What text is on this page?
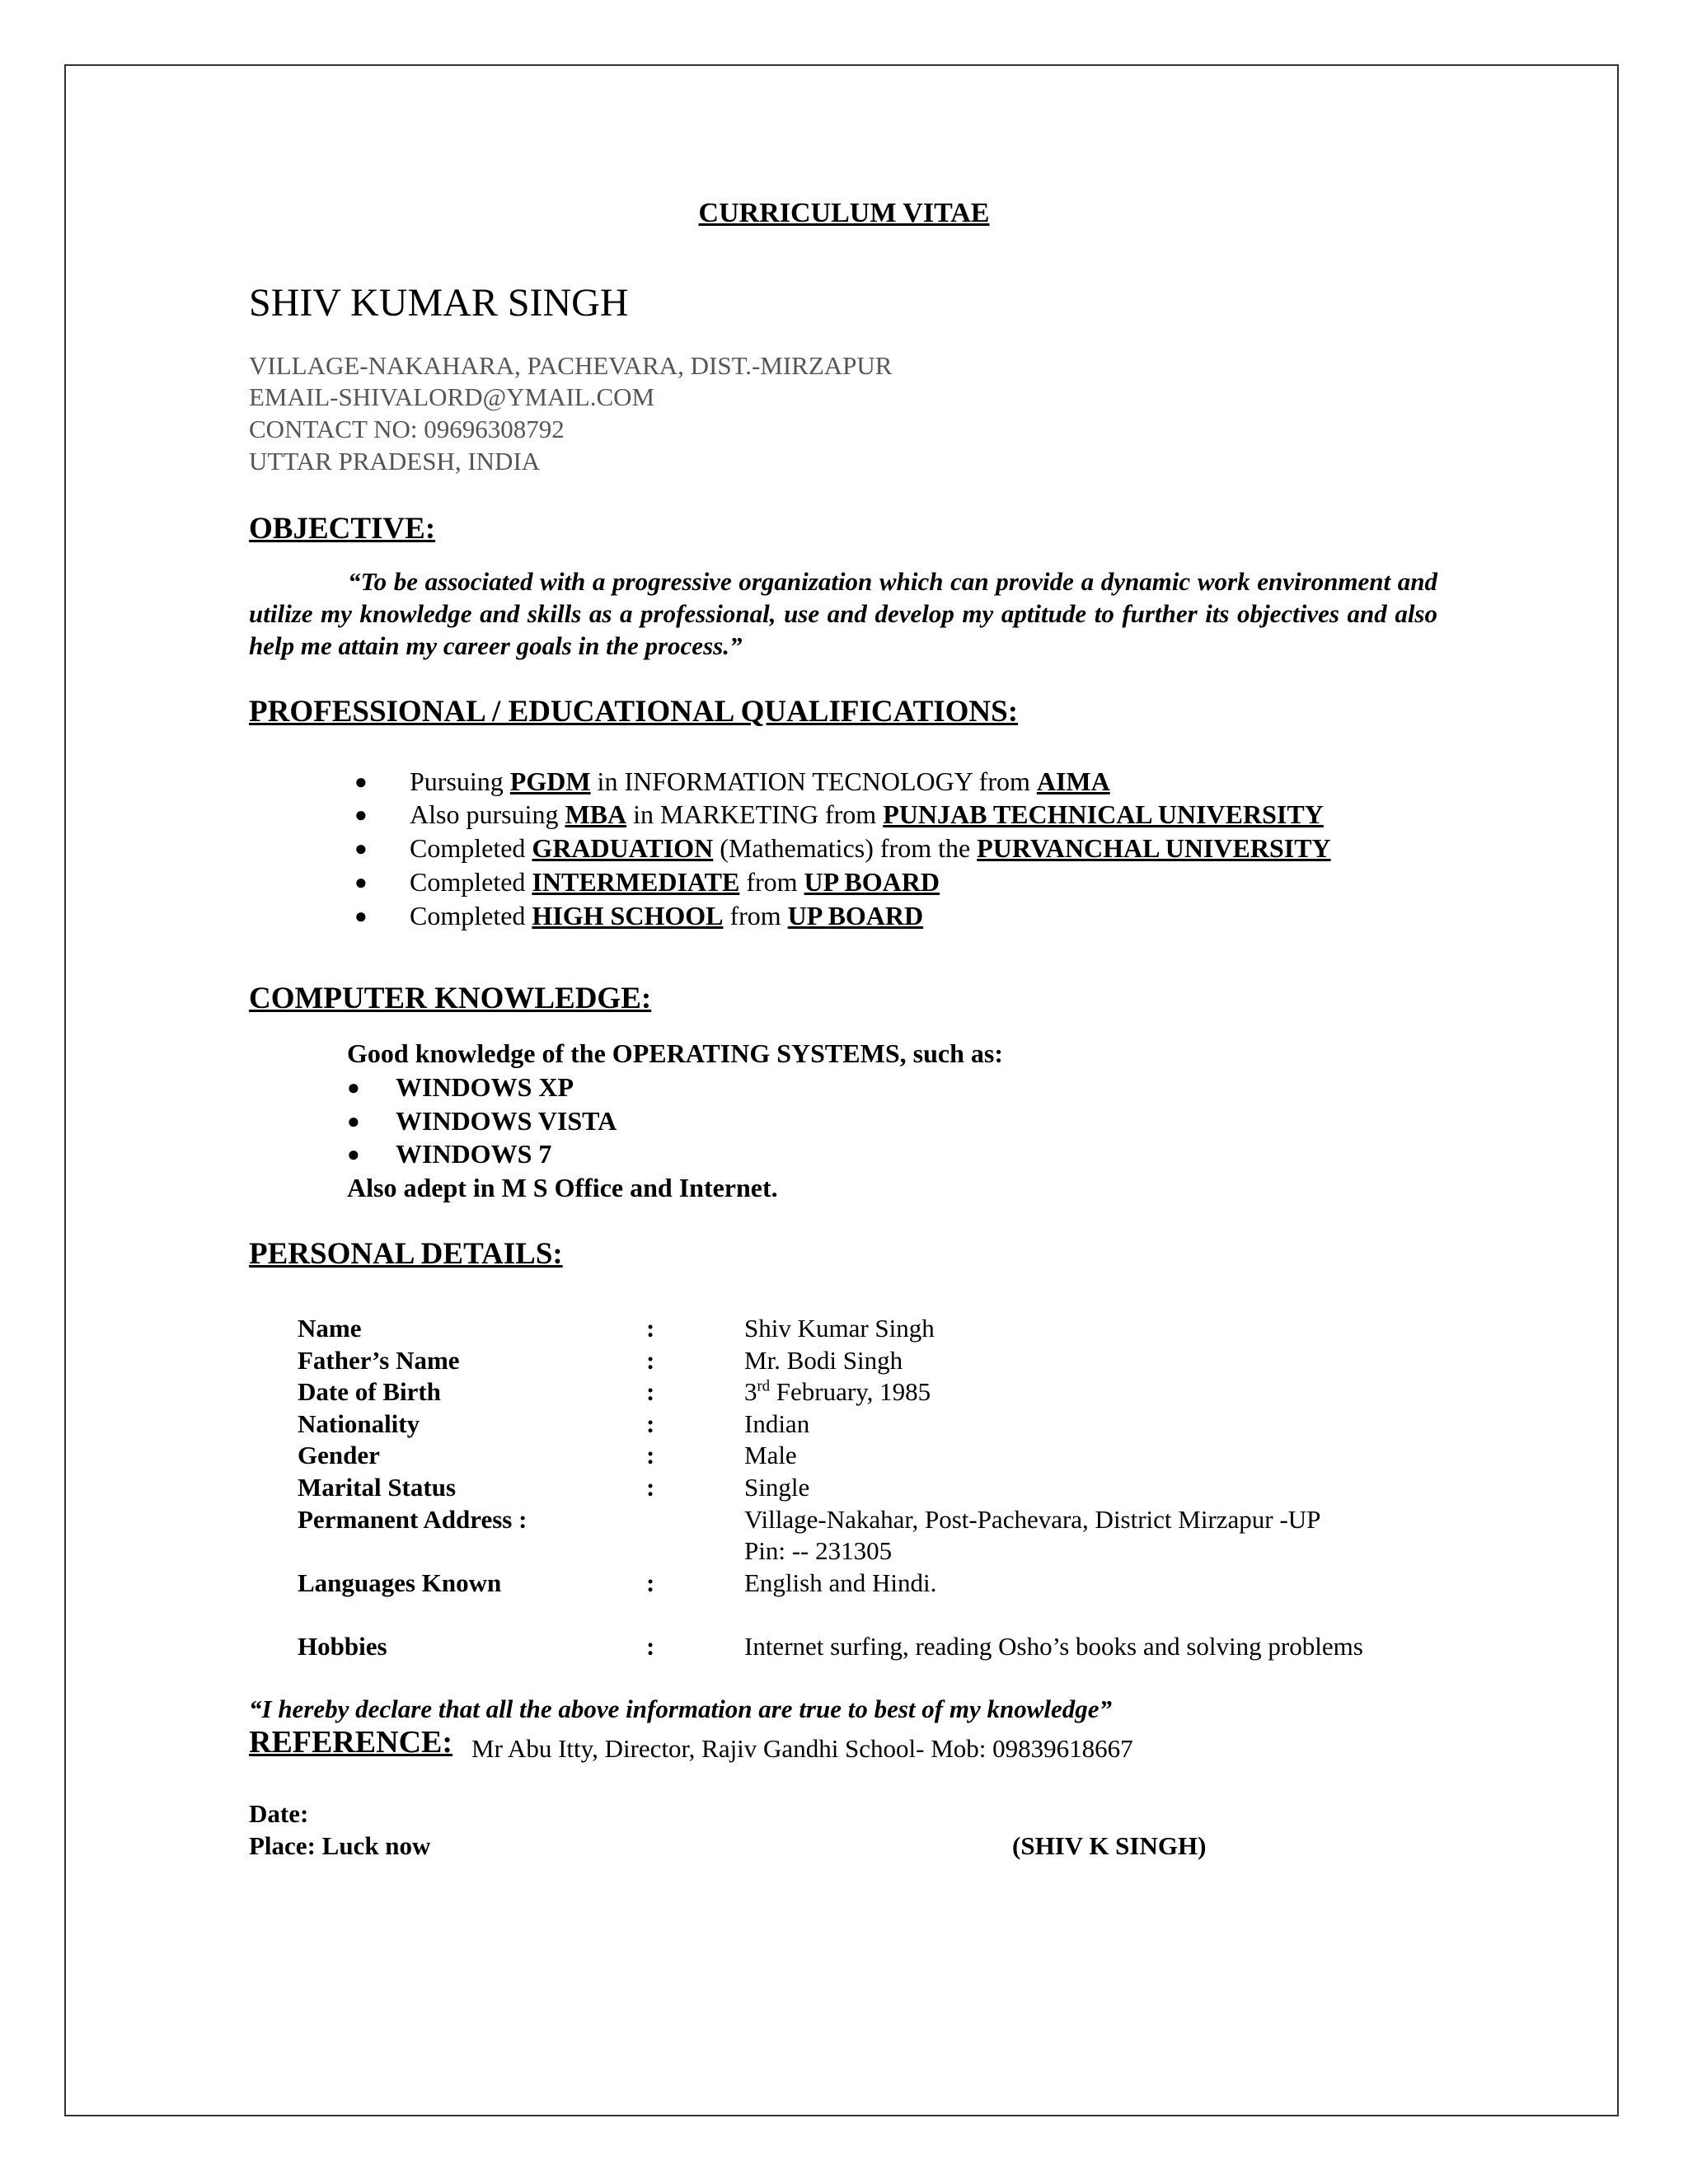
CURRICULUM VITAE
SHIV KUMAR SINGH
VILLAGE-NAKAHARA, PACHEVARA, DIST.-MIRZAPUR
EMAIL-SHIVALORD@YMAIL.COM
CONTACT NO: 09696308792
UTTAR PRADESH, INDIA
OBJECTIVE:
“To be associated with a progressive organization which can provide a dynamic work environment and utilize my knowledge and skills as a professional, use and develop my aptitude to further its objectives and also help me attain my career goals in the process.”
PROFESSIONAL / EDUCATIONAL QUALIFICATIONS:
● Pursuing PGDM in INFORMATION TECNOLOGY from AIMA
● Also pursuing MBA in MARKETING from PUNJAB TECHNICAL UNIVERSITY
● Completed GRADUATION (Mathematics) from the PURVANCHAL UNIVERSITY
● Completed INTERMEDIATE from UP BOARD
● Completed HIGH SCHOOL from UP BOARD
COMPUTER KNOWLEDGE:
Good knowledge of the OPERATING SYSTEMS, such as:
● WINDOWS XP
● WINDOWS VISTA
● WINDOWS 7
Also adept in M S Office and Internet.
PERSONAL DETAILS:
Name	:	Shiv Kumar Singh
Father’s Name	:	Mr. Bodi Singh
Date of Birth	:	3rd February, 1985
Nationality	:	Indian
Gender	:	Male
Marital Status	:	Single
Permanent Address :	Village-Nakahar, Post-Pachevara, District Mirzapur -UP
Pin: -- 231305
Languages Known	:	English and Hindi.
Hobbies	:	Internet surfing, reading Osho’s books and solving problems
“I hereby declare that all the above information are true to best of my knowledge”
REFERENCE: Mr Abu Itty, Director, Rajiv Gandhi School- Mob: 09839618667
Date:
Place: Luck now	(SHIV K SINGH)
